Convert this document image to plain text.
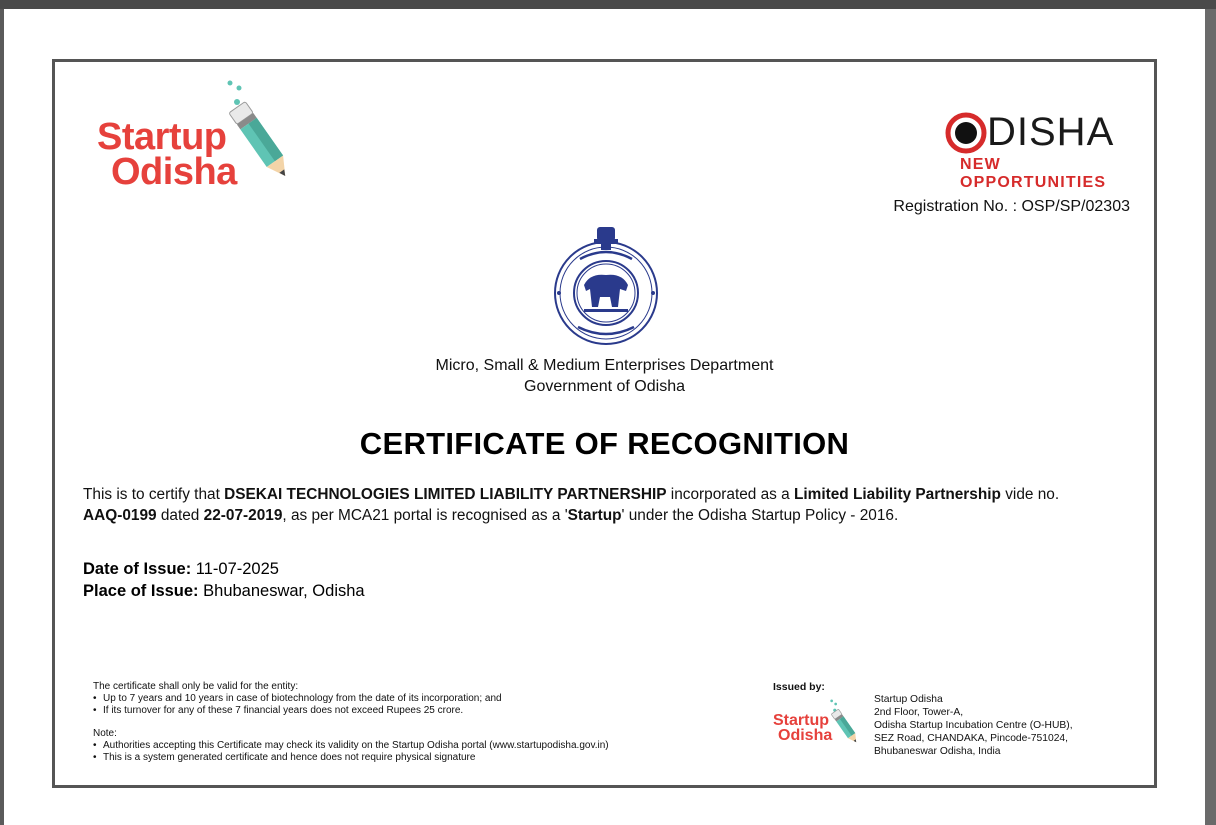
Startup
Odisha
DISHA
NEW OPPORTUNITIES
Registration No. : OSP/SP/02303
Micro, Small & Medium Enterprises Department
Government of Odisha
CERTIFICATE OF RECOGNITION
This is to certify that DSEKAI TECHNOLOGIES LIMITED LIABILITY PARTNERSHIP incorporated as a Limited Liability Partnership vide no.
AAQ-0199 dated 22-07-2019, as per MCA21 portal is recognised as a 'Startup' under the Odisha Startup Policy - 2016.
Date of Issue: 11-07-2025
Place of Issue: Bhubaneswar, Odisha
The certificate shall only be valid for the entity:
• Up to 7 years and 10 years in case of biotechnology from the date of its incorporation; and
• If its turnover for any of these 7 financial years does not exceed Rupees 25 crore.
Note:
• Authorities accepting this Certificate may check its validity on the Startup Odisha portal (www.startupodisha.gov.in)
• This is a system generated certificate and hence does not require physical signature
Issued by:
Startup
Odisha
Startup Odisha
2nd Floor, Tower-A,
Odisha Startup Incubation Centre (O-HUB),
SEZ Road, CHANDAKA, Pincode-751024,
Bhubaneswar Odisha, India
